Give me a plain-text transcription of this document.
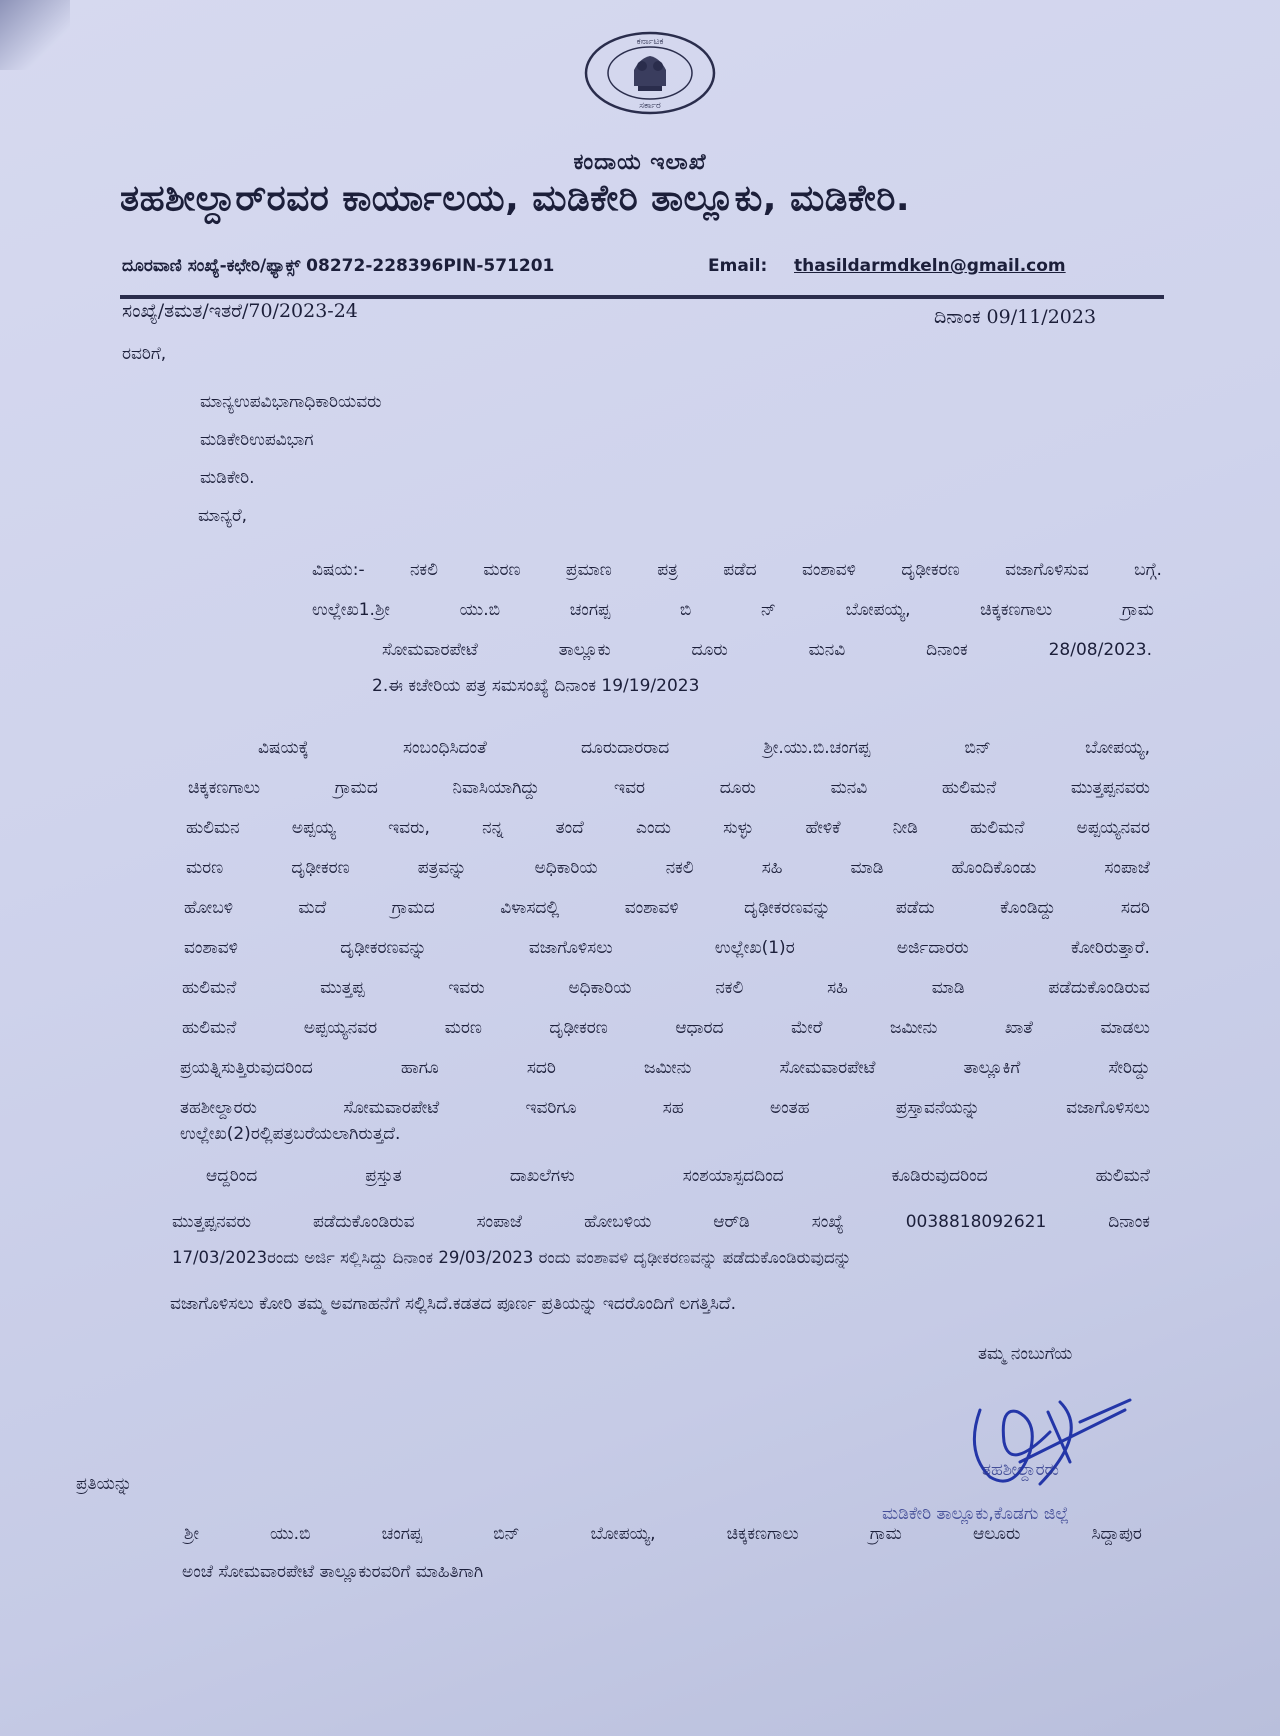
ಕರ್ನಾಟಕ
ಸರ್ಕಾರ
ಕಂದಾಯ ಇಲಾಖೆ
ತಹಶೀಲ್ದಾರ್‌ರವರ ಕಾರ್ಯಾಲಯ, ಮಡಿಕೇರಿ ತಾಲ್ಲೂಕು, ಮಡಿಕೇರಿ.
ದೂರವಾಣಿ ಸಂಖ್ಯೆ-ಕಛೇರಿ/ಫ್ಯಾಕ್ಸ್ 08272-228396PIN-571201	Email: thasildarmdkeln@gmail.com
ಸಂಖ್ಯೆ/ತಮತ/ಇತರೆ/70/2023-24	ದಿನಾಂಕ 09/11/2023
ರವರಿಗೆ,
ಮಾನ್ಯಉಪವಿಭಾಗಾಧಿಕಾರಿಯವರು
ಮಡಿಕೇರಿಉಪವಿಭಾಗ
ಮಡಿಕೇರಿ.
ಮಾನ್ಯರೆ,
ವಿಷಯ:-	ನಕಲಿ	ಮರಣ	ಪ್ರಮಾಣ	ಪತ್ರ	ಪಡೆದ	ವಂಶಾವಳಿ	ದೃಢೀಕರಣ	ವಜಾಗೊಳಿಸುವ	ಬಗ್ಗೆ.
ಉಲ್ಲೇಖ1.ಶ್ರೀ	ಯು.ಬಿ	ಚಂಗಪ್ಪ	ಬಿ	ನ್	ಬೋಪಯ್ಯ,	ಚಿಕ್ಕಕಣಗಾಲು	ಗ್ರಾಮ
ಸೋಮವಾರಪೇಟೆ	ತಾಲ್ಲೂಕು	ದೂರು	ಮನವಿ	ದಿನಾಂಕ	28/08/2023.
2.ಈ ಕಚೇರಿಯ ಪತ್ರ ಸಮಸಂಖ್ಯೆ ದಿನಾಂಕ 19/19/2023
ವಿಷಯಕ್ಕೆ	ಸಂಬಂಧಿಸಿದಂತೆ	ದೂರುದಾರರಾದ	ಶ್ರೀ.ಯು.ಬಿ.ಚಂಗಪ್ಪ	ಬಿನ್	ಬೋಪಯ್ಯ,
ಚಿಕ್ಕಕಣಗಾಲು	ಗ್ರಾಮದ	ನಿವಾಸಿಯಾಗಿದ್ದು	ಇವರ	ದೂರು	ಮನವಿ	ಹುಲಿಮನೆ	ಮುತ್ತಪ್ಪನವರು
ಹುಲಿಮನ	ಅಪ್ಪಯ್ಯ	ಇವರು,	ನನ್ನ	ತಂದೆ	ಎಂದು	ಸುಳ್ಳು	ಹೇಳಿಕೆ	ನೀಡಿ	ಹುಲಿಮನೆ	ಅಪ್ಪಯ್ಯನವರ
ಮರಣ	ದೃಢೀಕರಣ	ಪತ್ರವನ್ನು	ಅಧಿಕಾರಿಯ	ನಕಲಿ	ಸಹಿ	ಮಾಡಿ	ಹೊಂದಿಕೊಂಡು	ಸಂಪಾಜೆ
ಹೋಬಳಿ	ಮದೆ	ಗ್ರಾಮದ	ವಿಳಾಸದಲ್ಲಿ	ವಂಶಾವಳಿ	ದೃಢೀಕರಣವನ್ನು	ಪಡೆದು	ಕೊಂಡಿದ್ದು	ಸದರಿ
ವಂಶಾವಳಿ	ದೃಢೀಕರಣವನ್ನು	ವಜಾಗೊಳಿಸಲು	ಉಲ್ಲೇಖ(1)ರ	ಅರ್ಜಿದಾರರು	ಕೋರಿರುತ್ತಾರೆ.
ಹುಲಿಮನೆ	ಮುತ್ತಪ್ಪ	ಇವರು	ಅಧಿಕಾರಿಯ	ನಕಲಿ	ಸಹಿ	ಮಾಡಿ	ಪಡೆದುಕೊಂಡಿರುವ
ಹುಲಿಮನೆ	ಅಪ್ಪಯ್ಯನವರ	ಮರಣ	ದೃಢೀಕರಣ	ಆಧಾರದ	ಮೇರೆ	ಜಮೀನು	ಖಾತೆ	ಮಾಡಲು
ಪ್ರಯತ್ನಿಸುತ್ತಿರುವುದರಿಂದ	ಹಾಗೂ	ಸದರಿ	ಜಮೀನು	ಸೋಮವಾರಪೇಟೆ	ತಾಲ್ಲೂಕಿಗೆ	ಸೇರಿದ್ದು
ತಹಶೀಲ್ದಾರರು	ಸೋಮವಾರಪೇಟೆ	ಇವರಿಗೂ	ಸಹ	ಅಂತಹ	ಪ್ರಸ್ತಾವನೆಯನ್ನು	ವಜಾಗೊಳಿಸಲು
ಉಲ್ಲೇಖ(2)ರಲ್ಲಿಪತ್ರಬರೆಯಲಾಗಿರುತ್ತದೆ.
ಆದ್ದರಿಂದ	ಪ್ರಸ್ತುತ	ದಾಖಲೆಗಳು	ಸಂಶಯಾಸ್ಪದದಿಂದ	ಕೂಡಿರುವುದರಿಂದ	ಹುಲಿಮನೆ
ಮುತ್ತಪ್ಪನವರು	ಪಡೆದುಕೊಂಡಿರುವ	ಸಂಪಾಜೆ	ಹೋಬಳಿಯ	ಆರ್‌ಡಿ	ಸಂಖ್ಯೆ	0038818092621	ದಿನಾಂಕ
17/03/2023ರಂದು ಅರ್ಜಿ ಸಲ್ಲಿಸಿದ್ದು ದಿನಾಂಕ 29/03/2023 ರಂದು ವಂಶಾವಳಿ ದೃಢೀಕರಣವನ್ನು ಪಡೆದುಕೊಂಡಿರುವುದನ್ನು
ವಜಾಗೊಳಿಸಲು ಕೋರಿ ತಮ್ಮ ಅವಗಾಹನೆಗೆ ಸಲ್ಲಿಸಿದೆ.ಕಡತದ ಪೂರ್ಣ ಪ್ರತಿಯನ್ನು ಇದರೊಂದಿಗೆ ಲಗತ್ತಿಸಿದೆ.
ತಮ್ಮ ನಂಬುಗೆಯ
ತಹಶೀಲ್ದಾರರು
ಮಡಿಕೇರಿ ತಾಲ್ಲೂಕು,ಕೊಡಗು ಜಿಲ್ಲೆ
ಪ್ರತಿಯನ್ನು
ಶ್ರೀ	ಯು.ಬಿ	ಚಂಗಪ್ಪ	ಬಿನ್	ಬೋಪಯ್ಯ,	ಚಿಕ್ಕಕಣಗಾಲು	ಗ್ರಾಮ	ಆಲೂರು	ಸಿದ್ದಾಪುರ
ಅಂಚೆ ಸೋಮವಾರಪೇಟೆ ತಾಲ್ಲೂಕುರವರಿಗೆ ಮಾಹಿತಿಗಾಗಿ
